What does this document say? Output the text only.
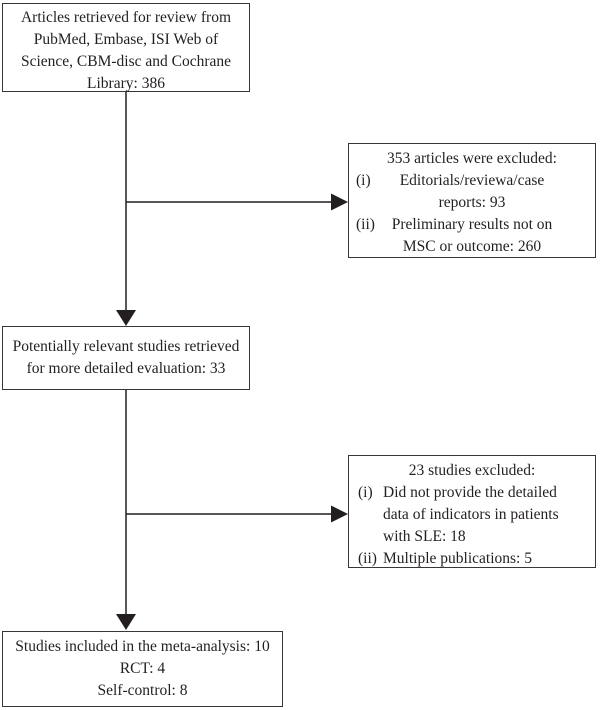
Articles retrieved for review from
PubMed, Embase, ISI Web of
Science, CBM-disc and Cochrane
Library: 386
353 articles were excluded:
(i)	Editorials/reviewa/case
reports: 93
(ii)	Preliminary results not on
MSC or outcome: 260
Potentially relevant studies retrieved
for more detailed evaluation: 33
23 studies excluded:
(i) Did not provide the detailed
data of indicators in patients
with SLE: 18
(ii) Multiple publications: 5
Studies included in the meta-analysis: 10
RCT: 4
Self-control: 8
